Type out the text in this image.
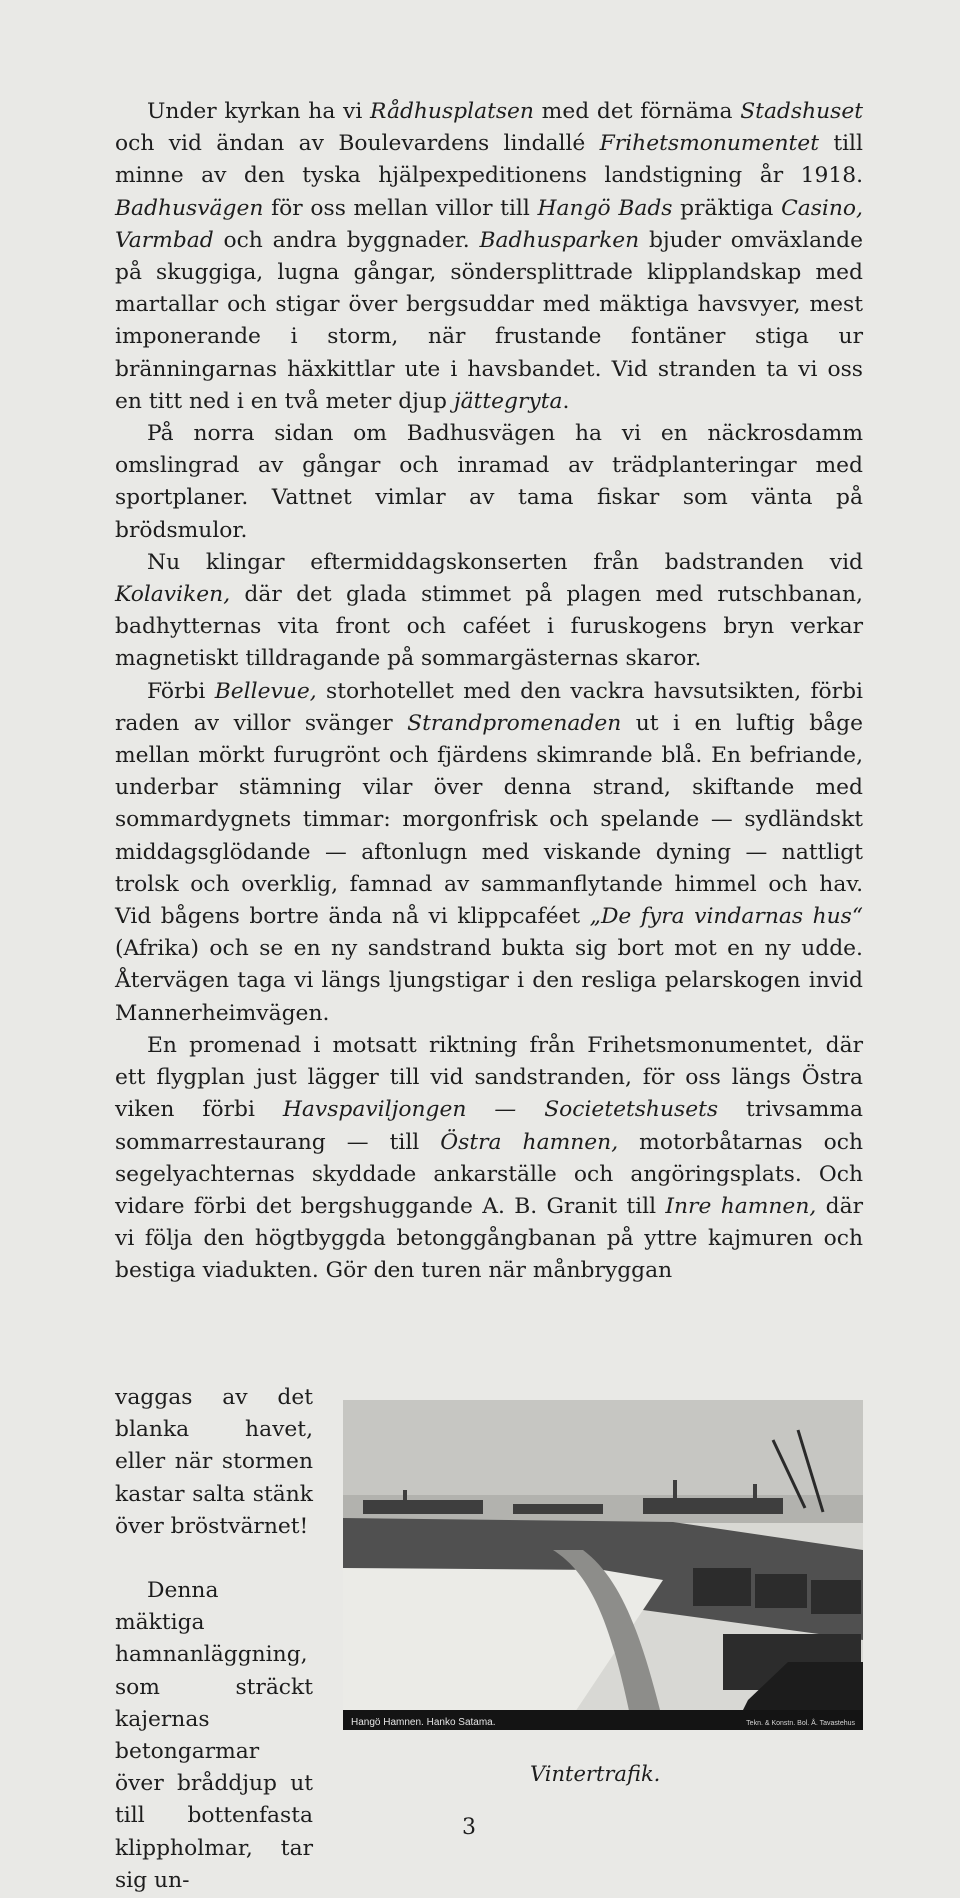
Under kyrkan ha vi Rådhusplatsen med det förnäma Stadshuset och vid ändan av Boulevardens lindallé Frihetsmonumentet till minne av den tyska hjälpexpeditionens landstigning år 1918. Badhusvägen för oss mellan villor till Hangö Bads präktiga Casino, Varmbad och andra byggnader. Badhusparken bjuder omväxlande på skuggiga, lugna gångar, söndersplittrade klipplandskap med martallar och stigar över bergsuddar med mäktiga havsvyer, mest imponerande i storm, när frustande fontäner stiga ur bränningarnas häxkittlar ute i havsbandet. Vid stranden ta vi oss en titt ned i en två meter djup jättegryta.

På norra sidan om Badhusvägen ha vi en näckrosdamm omslingrad av gångar och inramad av trädplanteringar med sportplaner. Vattnet vimlar av tama fiskar som vänta på brödsmulor.

Nu klingar eftermiddagskonserten från badstranden vid Kolaviken, där det glada stimmet på plagen med rutschbanan, badhytternas vita front och caféet i furuskogens bryn verkar magnetiskt tilldragande på sommargästernas skaror.

Förbi Bellevue, storhotellet med den vackra havsutsikten, förbi raden av villor svänger Strandpromenaden ut i en luftig båge mellan mörkt furugrönt och fjärdens skimrande blå. En befriande, underbar stämning vilar över denna strand, skiftande med sommardygnets timmar: morgonfrisk och spelande — sydländskt middagsglödande — aftonlugn med viskande dyning — nattligt trolsk och overklig, famnad av sammanflytande himmel och hav. Vid bågens bortre ända nå vi klippcaféet „De fyra vindarnas hus“ (Afrika) och se en ny sandstrand bukta sig bort mot en ny udde. Återvägen taga vi längs ljungstigar i den resliga pelarskogen invid Mannerheimvägen.

En promenad i motsatt riktning från Frihetsmonumentet, där ett flygplan just lägger till vid sandstranden, för oss längs Östra viken förbi Havspaviljongen — Societetshusets trivsamma sommarrestaurang — till Östra hamnen, motorbåtarnas och segelyachternas skyddade ankarställe och angöringsplats. Och vidare förbi det bergshuggande A. B. Granit till Inre hamnen, där vi följa den högtbyggda betonggångbanan på yttre kajmuren och bestiga viadukten. Gör den turen när månbryggan

vaggas av det blanka havet, eller när stormen kastar salta stänk över bröstvärnet!

Denna mäktiga hamnanläggning, som sträckt kajernas betongarmar över bråddjup ut till bottenfasta klippholmar, tar sig un-

Hangö Hamnen. Hanko Satama.	Tekn. & Konstn. Bol. Å. Tavastehus
Vintertrafik.
3
